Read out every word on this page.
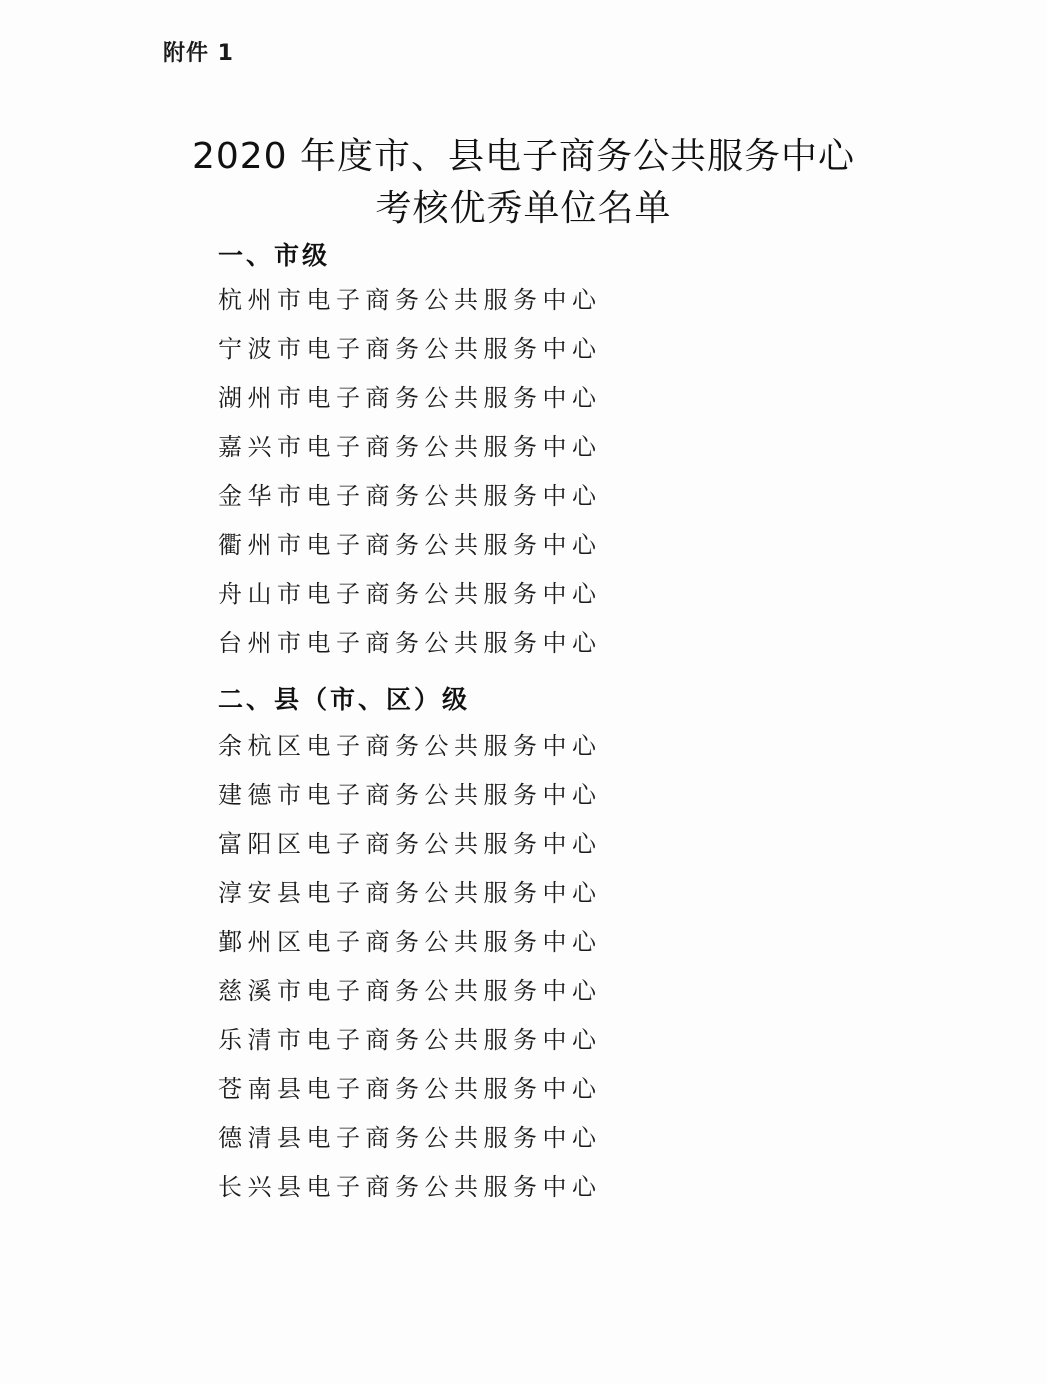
附件 1
2020 年度市、县电子商务公共服务中心
考核优秀单位名单
一、市级
杭州市电子商务公共服务中心
宁波市电子商务公共服务中心
湖州市电子商务公共服务中心
嘉兴市电子商务公共服务中心
金华市电子商务公共服务中心
衢州市电子商务公共服务中心
舟山市电子商务公共服务中心
台州市电子商务公共服务中心
二、县（市、区）级
余杭区电子商务公共服务中心
建德市电子商务公共服务中心
富阳区电子商务公共服务中心
淳安县电子商务公共服务中心
鄞州区电子商务公共服务中心
慈溪市电子商务公共服务中心
乐清市电子商务公共服务中心
苍南县电子商务公共服务中心
德清县电子商务公共服务中心
长兴县电子商务公共服务中心
